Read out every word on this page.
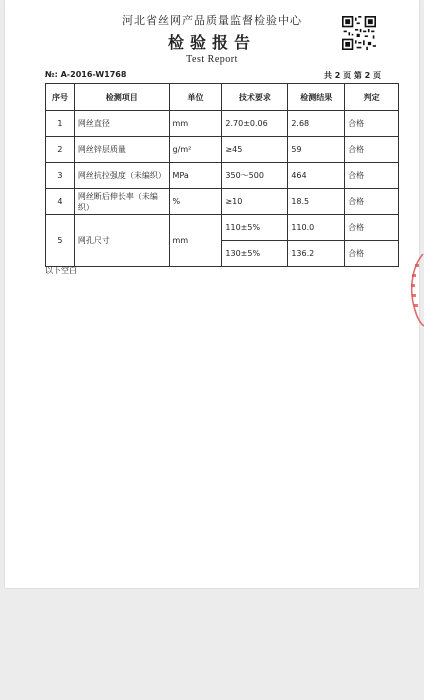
河北省丝网产品质量监督检验中心
检验报告
Test Report
№: A-2016-W1768	共 2 页 第 2 页
序号	检测项目	单位	技术要求	检测结果	判定
1	网丝直径	mm	2.70±0.06	2.68	合格
2	网丝锌层质量	g/m²	≥45	59	合格
3	网丝抗拉强度（未编织）	MPa	350～500	464	合格
4	网丝断后伸长率（未编织）	%	≥10	18.5	合格
5	网孔尺寸	mm	110±5%	110.0	合格
			130±5%	136.2	合格
以下空白
